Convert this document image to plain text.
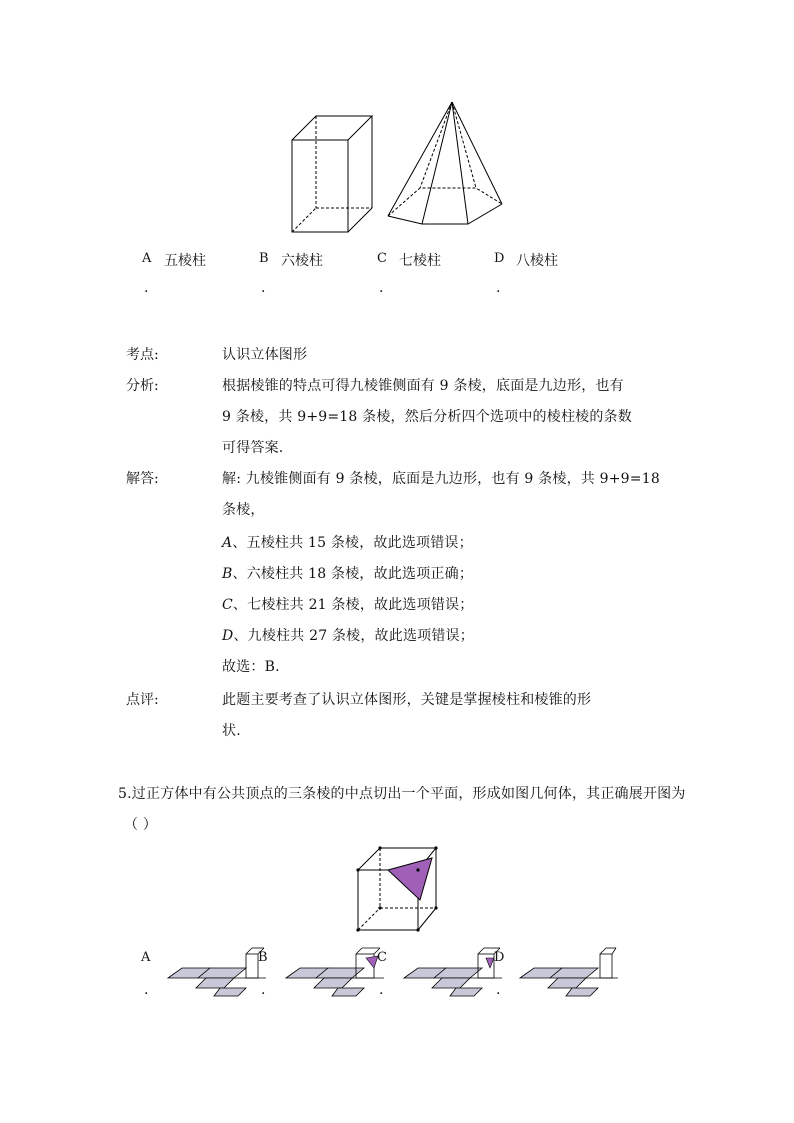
A 五棱柱
.
B 六棱柱
.
C 七棱柱
.
D 八棱柱
.
考点:	认识立体图形
分析:	根据棱锥的特点可得九棱锥侧面有 9 条棱，底面是九边形，也有
9 条棱，共 9+9=18 条棱，然后分析四个选项中的棱柱棱的条数
可得答案.
解答:	解: 九棱锥侧面有 9 条棱，底面是九边形，也有 9 条棱，共 9+9=18
条棱，
A、五棱柱共 15 条棱，故此选项错误；
B、六棱柱共 18 条棱，故此选项正确；
C、七棱柱共 21 条棱，故此选项错误；
D、九棱柱共 27 条棱，故此选项错误；
故选：B.
点评:	此题主要考查了认识立体图形，关键是掌握棱柱和棱锥的形
状.
5.过正方体中有公共顶点的三条棱的中点切出一个平面，形成如图几何体，其正确展开图为
（ ）
A
.
B
.
C
.
D
.
